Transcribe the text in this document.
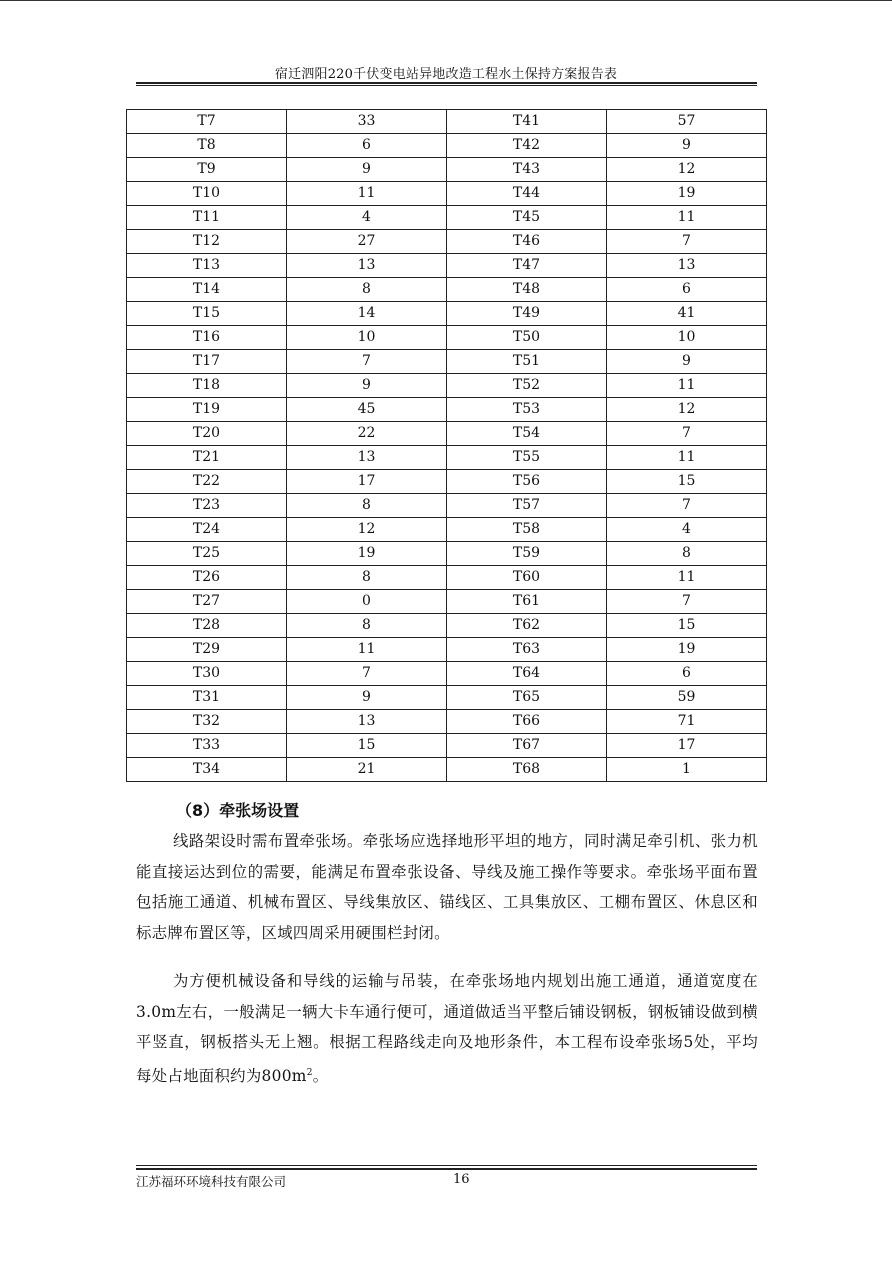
宿迁泗阳220千伏变电站异地改造工程水土保持方案报告表
T7	33	T41	57
T8	6	T42	9
T9	9	T43	12
T10	11	T44	19
T11	4	T45	11
T12	27	T46	7
T13	13	T47	13
T14	8	T48	6
T15	14	T49	41
T16	10	T50	10
T17	7	T51	9
T18	9	T52	11
T19	45	T53	12
T20	22	T54	7
T21	13	T55	11
T22	17	T56	15
T23	8	T57	7
T24	12	T58	4
T25	19	T59	8
T26	8	T60	11
T27	0	T61	7
T28	8	T62	15
T29	11	T63	19
T30	7	T64	6
T31	9	T65	59
T32	13	T66	71
T33	15	T67	17
T34	21	T68	1
（8）牵张场设置
线路架设时需布置牵张场。牵张场应选择地形平坦的地方，同时满足牵引机、张力机能直接运达到位的需要，能满足布置牵张设备、导线及施工操作等要求。牵张场平面布置包括施工通道、机械布置区、导线集放区、锚线区、工具集放区、工棚布置区、休息区和标志牌布置区等，区域四周采用硬围栏封闭。
为方便机械设备和导线的运输与吊装，在牵张场地内规划出施工通道，通道宽度在3.0m左右，一般满足一辆大卡车通行便可，通道做适当平整后铺设钢板，钢板铺设做到横平竖直，钢板搭头无上翘。根据工程路线走向及地形条件，本工程布设牵张场5处，平均每处占地面积约为$800m^2$。
江苏福环环境科技有限公司	16
